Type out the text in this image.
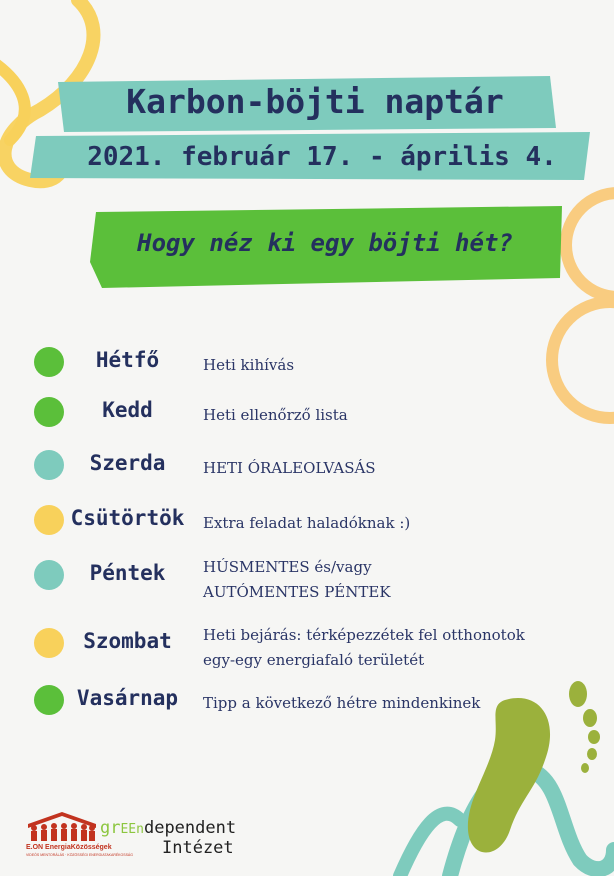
Karbon-böjti naptár
2021. február 17. - április 4.
Hogy néz ki egy böjti hét?
Hétfő	Heti kihívás
Kedd	Heti ellenőrző lista
Szerda	HETI ÓRALEOLVASÁS
Csütörtök Extra feladat haladóknak :)
Péntek	HÚSMENTES és/vagy
AUTÓMENTES PÉNTEK
Szombat	Heti bejárás: térképezzétek fel otthonotok
egy-egy energiafaló területét
Vasárnap	Tipp a következő hétre mindenkinek
E.ON EnergiaKözösségek
VIDEÓS MENTORÁLÁS · KÖZÖSSÉGI ENERGIATAKARÉKOSSÁG
grEEndependent
Intézet
